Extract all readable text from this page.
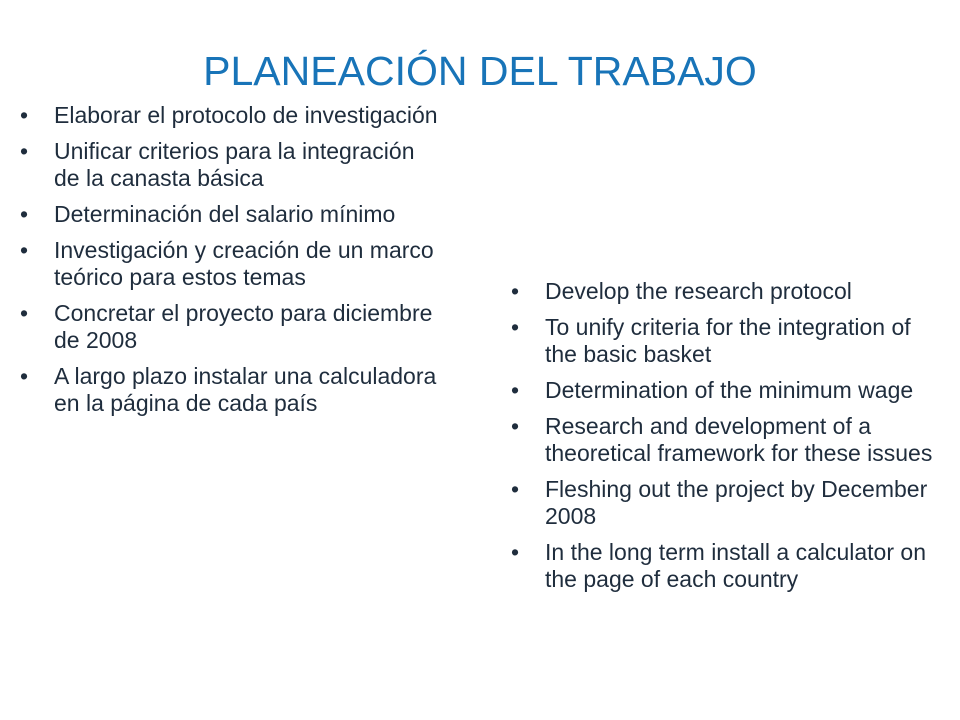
PLANEACIÓN DEL TRABAJO
•	Elaborar el protocolo de investigación
•	Unificar criterios para la integración de la canasta básica
•	Determinación del salario mínimo
•	Investigación y creación de un marco teórico para estos temas
•	Concretar el proyecto para diciembre de 2008
•	A largo plazo instalar una calculadora en la página de cada país
•	Develop the research protocol
•	To unify criteria for the integration of the basic basket
•	Determination of the minimum wage
•	Research and development of a theoretical framework for these issues
•	Fleshing out the project by December 2008
•	In the long term install a calculator on the page of each country
